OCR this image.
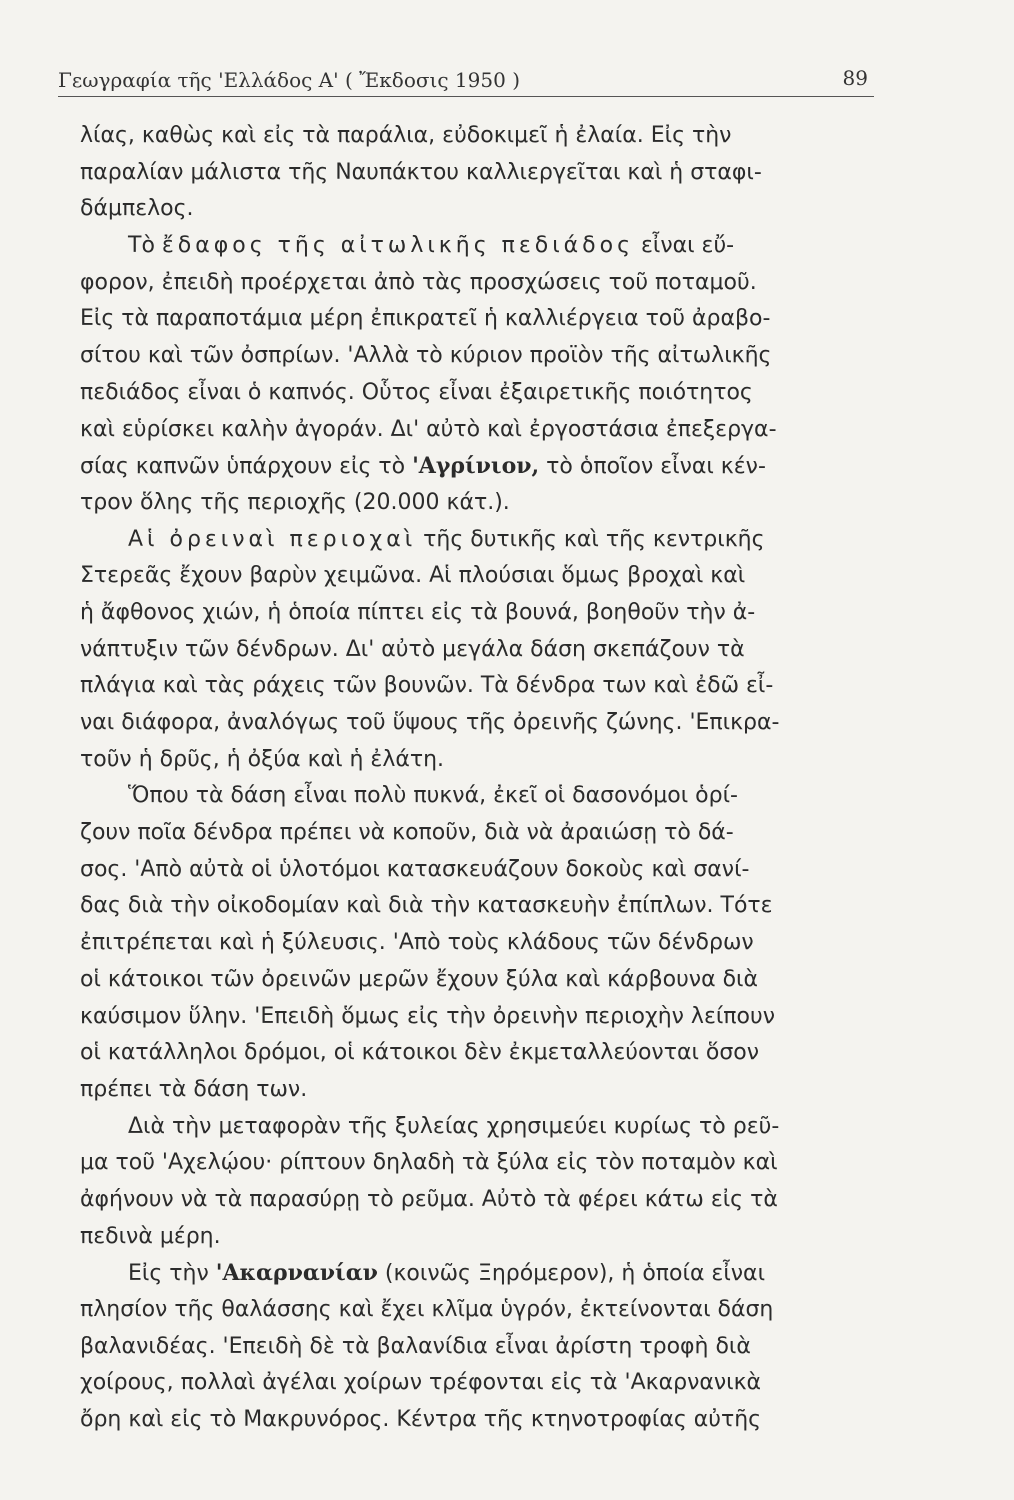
Γεωγραφία τῆς 'Ελλάδος Α' ( Ἔκδοσις 1950 )	89
λίας, καθὼς καὶ εἰς τὰ παράλια, εὐδοκιμεῖ ἡ ἐλαία. Εἰς τὴν
παραλίαν μάλιστα τῆς Ναυπάκτου καλλιεργεῖται καὶ ἡ σταφι-
δάμπελος.
Τὸ ἔδαφος τῆς αἰτωλικῆς πεδιάδος εἶναι εὔ-
φορον, ἐπειδὴ προέρχεται ἀπὸ τὰς προσχώσεις τοῦ ποταμοῦ.
Εἰς τὰ παραποτάμια μέρη ἐπικρατεῖ ἡ καλλιέργεια τοῦ ἀραβο-
σίτου καὶ τῶν ὀσπρίων. 'Αλλὰ τὸ κύριον προϊὸν τῆς αἰτωλικῆς
πεδιάδος εἶναι ὁ καπνός. Οὗτος εἶναι ἐξαιρετικῆς ποιότητος
καὶ εὑρίσκει καλὴν ἀγοράν. Δι' αὐτὸ καὶ ἐργοστάσια ἐπεξεργα-
σίας καπνῶν ὑπάρχουν εἰς τὸ 'Αγρίνιον, τὸ ὁποῖον εἶναι κέν-
τρον ὅλης τῆς περιοχῆς (20.000 κάτ.).
Αἱ ὀρειναὶ περιοχαὶ τῆς δυτικῆς καὶ τῆς κεντρικῆς
Στερεᾶς ἔχουν βαρὺν χειμῶνα. Αἱ πλούσιαι ὅμως βροχαὶ καὶ
ἡ ἄφθονος χιών, ἡ ὁποία πίπτει εἰς τὰ βουνά, βοηθοῦν τὴν ἀ-
νάπτυξιν τῶν δένδρων. Δι' αὐτὸ μεγάλα δάση σκεπάζουν τὰ
πλάγια καὶ τὰς ράχεις τῶν βουνῶν. Τὰ δένδρα των καὶ ἐδῶ εἶ-
ναι διάφορα, ἀναλόγως τοῦ ὕψους τῆς ὀρεινῆς ζώνης. 'Επικρα-
τοῦν ἡ δρῦς, ἡ ὀξύα καὶ ἡ ἐλάτη.
Ὅπου τὰ δάση εἶναι πολὺ πυκνά, ἐκεῖ οἱ δασονόμοι ὁρί-
ζουν ποῖα δένδρα πρέπει νὰ κοποῦν, διὰ νὰ ἀραιώσῃ τὸ δά-
σος. 'Απὸ αὐτὰ οἱ ὑλοτόμοι κατασκευάζουν δοκοὺς καὶ σανί-
δας διὰ τὴν οἰκοδομίαν καὶ διὰ τὴν κατασκευὴν ἐπίπλων. Τότε
ἐπιτρέπεται καὶ ἡ ξύλευσις. 'Απὸ τοὺς κλάδους τῶν δένδρων
οἱ κάτοικοι τῶν ὀρεινῶν μερῶν ἔχουν ξύλα καὶ κάρβουνα διὰ
καύσιμον ὕλην. 'Επειδὴ ὅμως εἰς τὴν ὀρεινὴν περιοχὴν λείπουν
οἱ κατάλληλοι δρόμοι, οἱ κάτοικοι δὲν ἐκμεταλλεύονται ὅσον
πρέπει τὰ δάση των.
Διὰ τὴν μεταφορὰν τῆς ξυλείας χρησιμεύει κυρίως τὸ ρεῦ-
μα τοῦ 'Αχελῴου· ρίπτουν δηλαδὴ τὰ ξύλα εἰς τὸν ποταμὸν καὶ
ἀφήνουν νὰ τὰ παρασύρῃ τὸ ρεῦμα. Αὐτὸ τὰ φέρει κάτω εἰς τὰ
πεδινὰ μέρη.
Εἰς τὴν 'Ακαρνανίαν (κοινῶς Ξηρόμερον), ἡ ὁποία εἶναι
πλησίον τῆς θαλάσσης καὶ ἔχει κλῖμα ὑγρόν, ἐκτείνονται δάση
βαλανιδέας. 'Επειδὴ δὲ τὰ βαλανίδια εἶναι ἀρίστη τροφὴ διὰ
χοίρους, πολλαὶ ἀγέλαι χοίρων τρέφονται εἰς τὰ 'Ακαρνανικὰ
ὄρη καὶ εἰς τὸ Μακρυνόρος. Κέντρα τῆς κτηνοτροφίας αὐτῆς
